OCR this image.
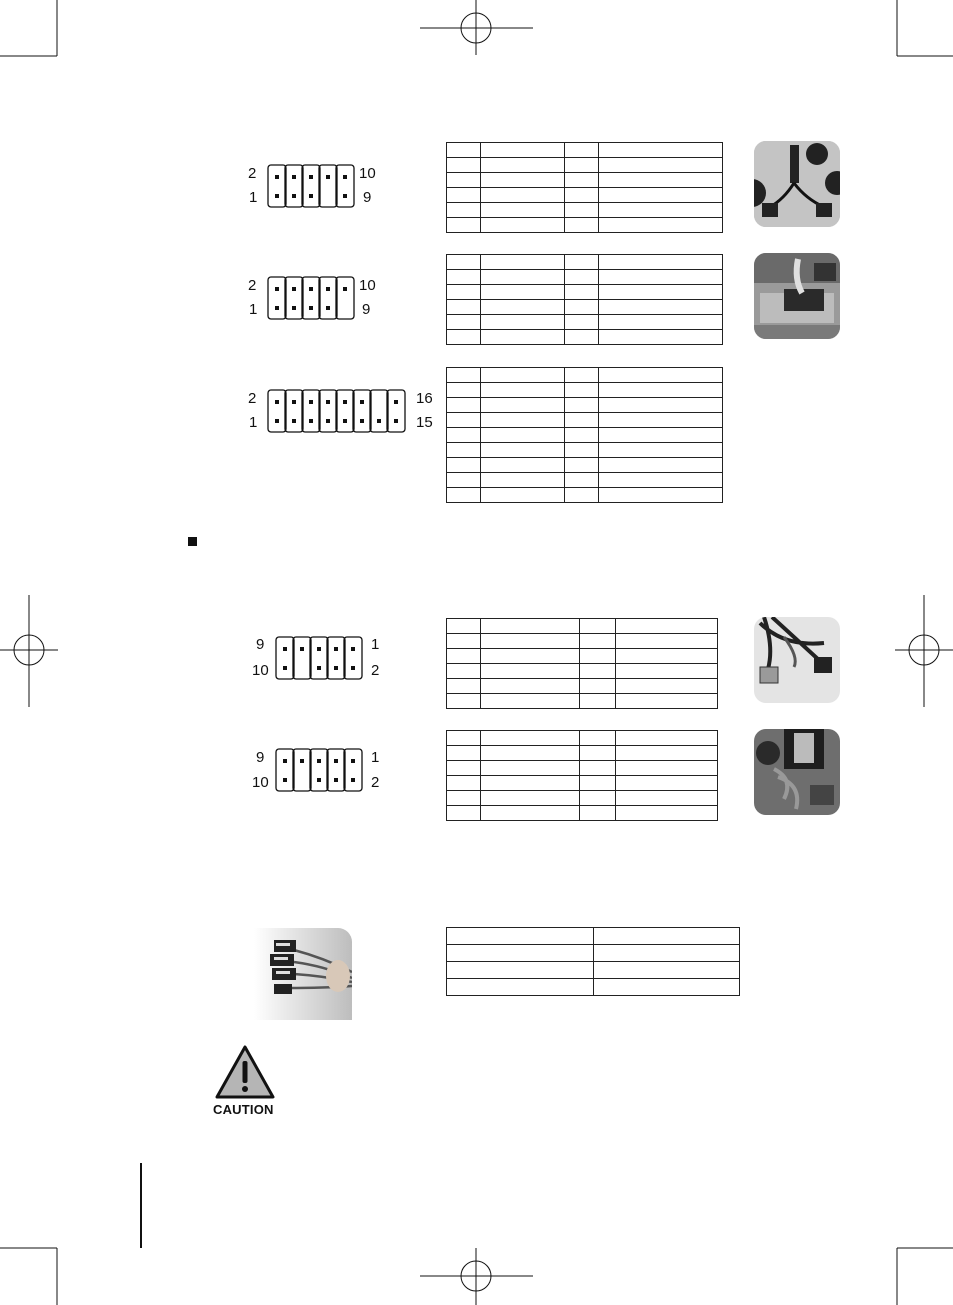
2	10
1	9

2	10
1	9

2	16
1	15

9	1
10	2

9	1
10	2

CAUTION
